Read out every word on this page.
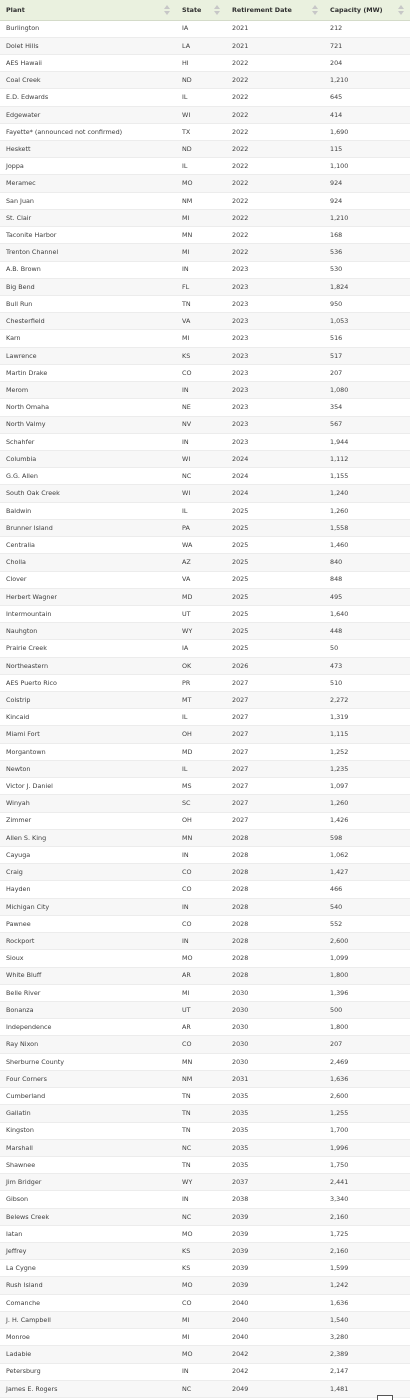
Plant	State	Retirement Date	Capacity (MW)

Burlington	IA	2021	212
Dolet Hills	LA	2021	721
AES Hawaii	HI	2022	204
Coal Creek	ND	2022	1,210
E.D. Edwards	IL	2022	645
Edgewater	WI	2022	414
Fayette* (announced not confirmed)	TX	2022	1,690
Heskett	ND	2022	115
Joppa	IL	2022	1,100
Meramec	MO	2022	924
San Juan	NM	2022	924
St. Clair	MI	2022	1,210
Taconite Harbor	MN	2022	168
Trenton Channel	MI	2022	536
A.B. Brown	IN	2023	530
Big Bend	FL	2023	1,824
Bull Run	TN	2023	950
Chesterfield	VA	2023	1,053
Karn	MI	2023	516
Lawrence	KS	2023	517
Martin Drake	CO	2023	207
Merom	IN	2023	1,080
North Omaha	NE	2023	354
North Valmy	NV	2023	567
Schahfer	IN	2023	1,944
Columbia	WI	2024	1,112
G.G. Allen	NC	2024	1,155
South Oak Creek	WI	2024	1,240
Baldwin	IL	2025	1,260
Brunner Island	PA	2025	1,558
Centralia	WA	2025	1,460
Cholla	AZ	2025	840
Clover	VA	2025	848
Herbert Wagner	MD	2025	495
Intermountain	UT	2025	1,640
Nauhgton	WY	2025	448
Prairie Creek	IA	2025	50
Northeastern	OK	2026	473
AES Puerto Rico	PR	2027	510
Colstrip	MT	2027	2,272
Kincaid	IL	2027	1,319
Miami Fort	OH	2027	1,115
Morgantown	MD	2027	1,252
Newton	IL	2027	1,235
Victor J. Daniel	MS	2027	1,097
Winyah	SC	2027	1,260
Zimmer	OH	2027	1,426
Allen S. King	MN	2028	598
Cayuga	IN	2028	1,062
Craig	CO	2028	1,427
Hayden	CO	2028	466
Michigan City	IN	2028	540
Pawnee	CO	2028	552
Rockport	IN	2028	2,600
Sioux	MO	2028	1,099
White Bluff	AR	2028	1,800
Belle River	MI	2030	1,396
Bonanza	UT	2030	500
Independence	AR	2030	1,800
Ray Nixon	CO	2030	207
Sherburne County	MN	2030	2,469
Four Corners	NM	2031	1,636
Cumberland	TN	2035	2,600
Gallatin	TN	2035	1,255
Kingston	TN	2035	1,700
Marshall	NC	2035	1,996
Shawnee	TN	2035	1,750
Jim Bridger	WY	2037	2,441
Gibson	IN	2038	3,340
Belews Creek	NC	2039	2,160
Iatan	MO	2039	1,725
Jeffrey	KS	2039	2,160
La Cygne	KS	2039	1,599
Rush Island	MO	2039	1,242
Comanche	CO	2040	1,636
J. H. Campbell	MI	2040	1,540
Monroe	MI	2040	3,280
Ladabie	MO	2042	2,389
Petersburg	IN	2042	2,147
James E. Rogers	NC	2049	1,481
